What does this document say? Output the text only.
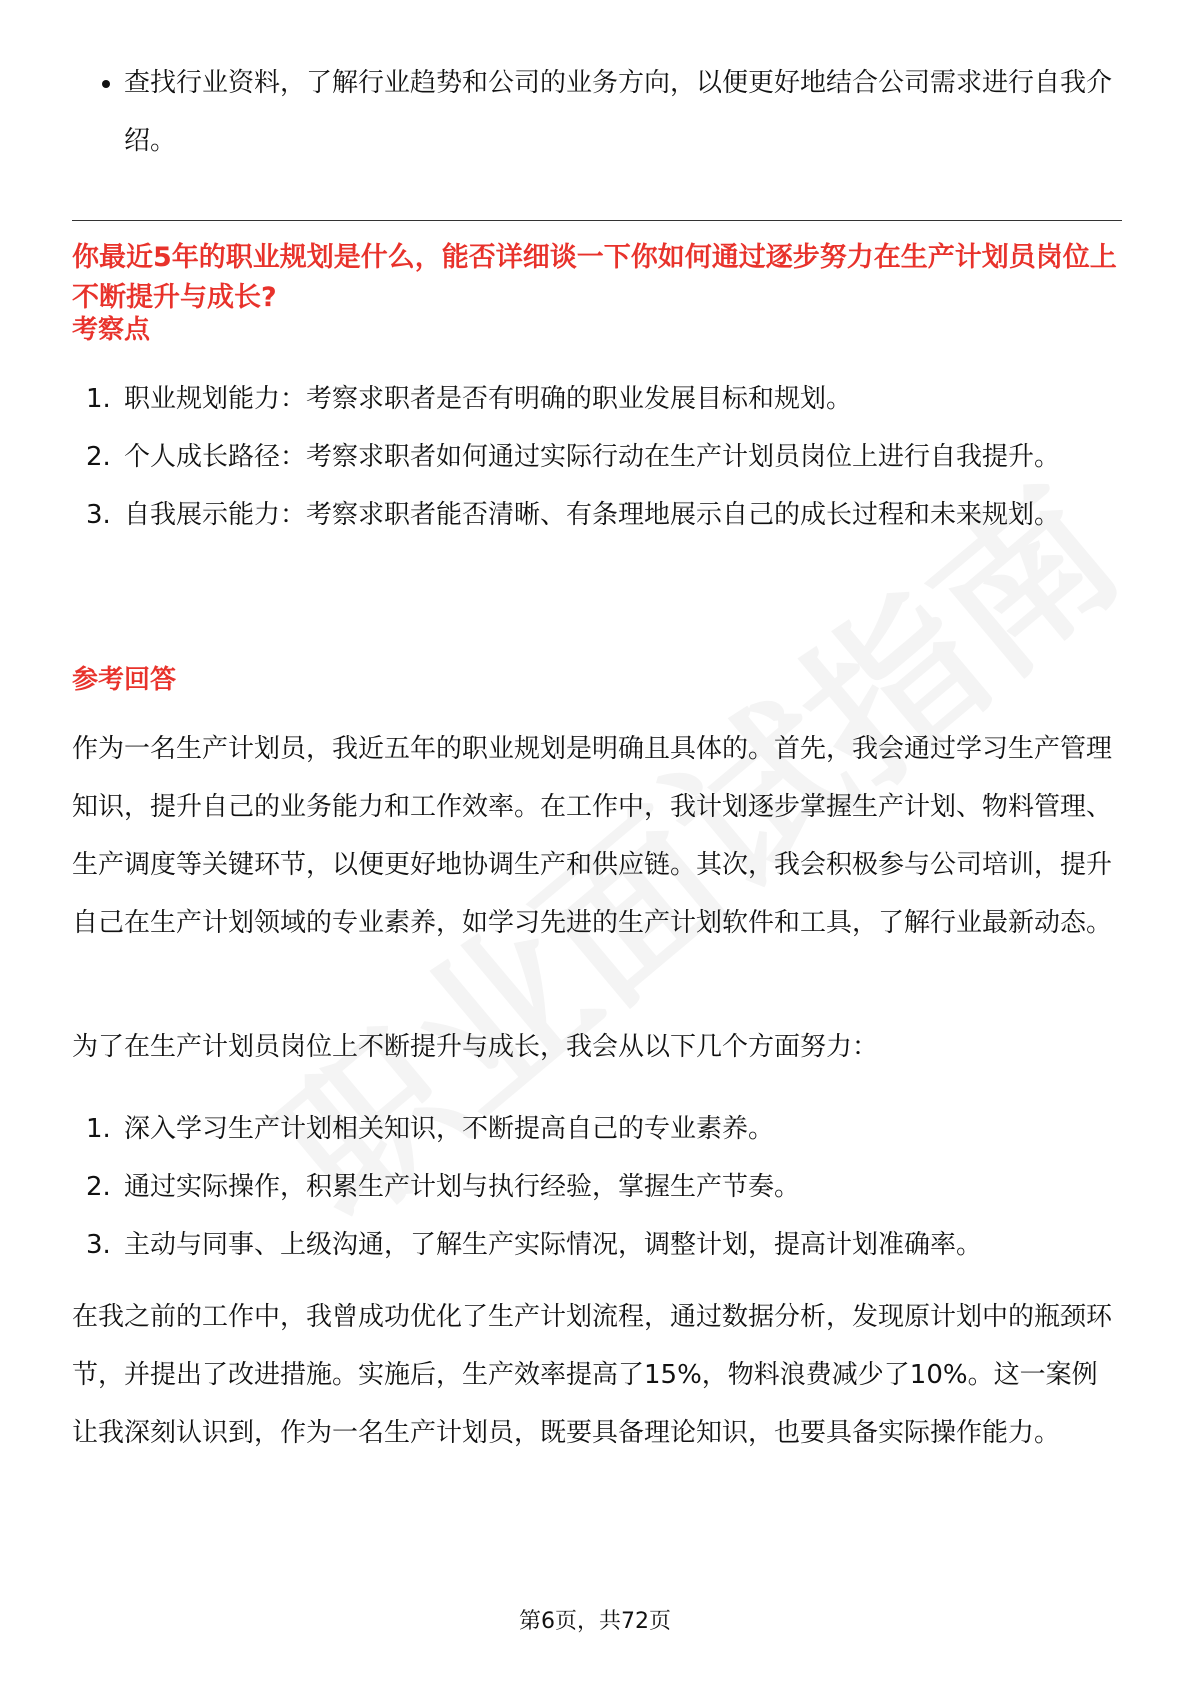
查找行业资料，了解行业趋势和公司的业务方向，以便更好地结合公司需求进行自我介绍。
你最近5年的职业规划是什么，能否详细谈一下你如何通过逐步努力在生产计划员岗位上不断提升与成长?
考察点
1. 职业规划能力：考察求职者是否有明确的职业发展目标和规划。
2. 个人成长路径：考察求职者如何通过实际行动在生产计划员岗位上进行自我提升。
3. 自我展示能力：考察求职者能否清晰、有条理地展示自己的成长过程和未来规划。
参考回答

作为一名生产计划员，我近五年的职业规划是明确且具体的。首先，我会通过学习生产管理知识，提升自己的业务能力和工作效率。在工作中，我计划逐步掌握生产计划、物料管理、生产调度等关键环节，以便更好地协调生产和供应链。其次，我会积极参与公司培训，提升自己在生产计划领域的专业素养，如学习先进的生产计划软件和工具，了解行业最新动态。

为了在生产计划员岗位上不断提升与成长，我会从以下几个方面努力：

1. 深入学习生产计划相关知识，不断提高自己的专业素养。
2. 通过实际操作，积累生产计划与执行经验，掌握生产节奏。
3. 主动与同事、上级沟通，了解生产实际情况，调整计划，提高计划准确率。

在我之前的工作中，我曾成功优化了生产计划流程，通过数据分析，发现原计划中的瓶颈环节，并提出了改进措施。实施后，生产效率提高了15%，物料浪费减少了10%。这一案例让我深刻认识到，作为一名生产计划员，既要具备理论知识，也要具备实际操作能力。

第6页，共72页
